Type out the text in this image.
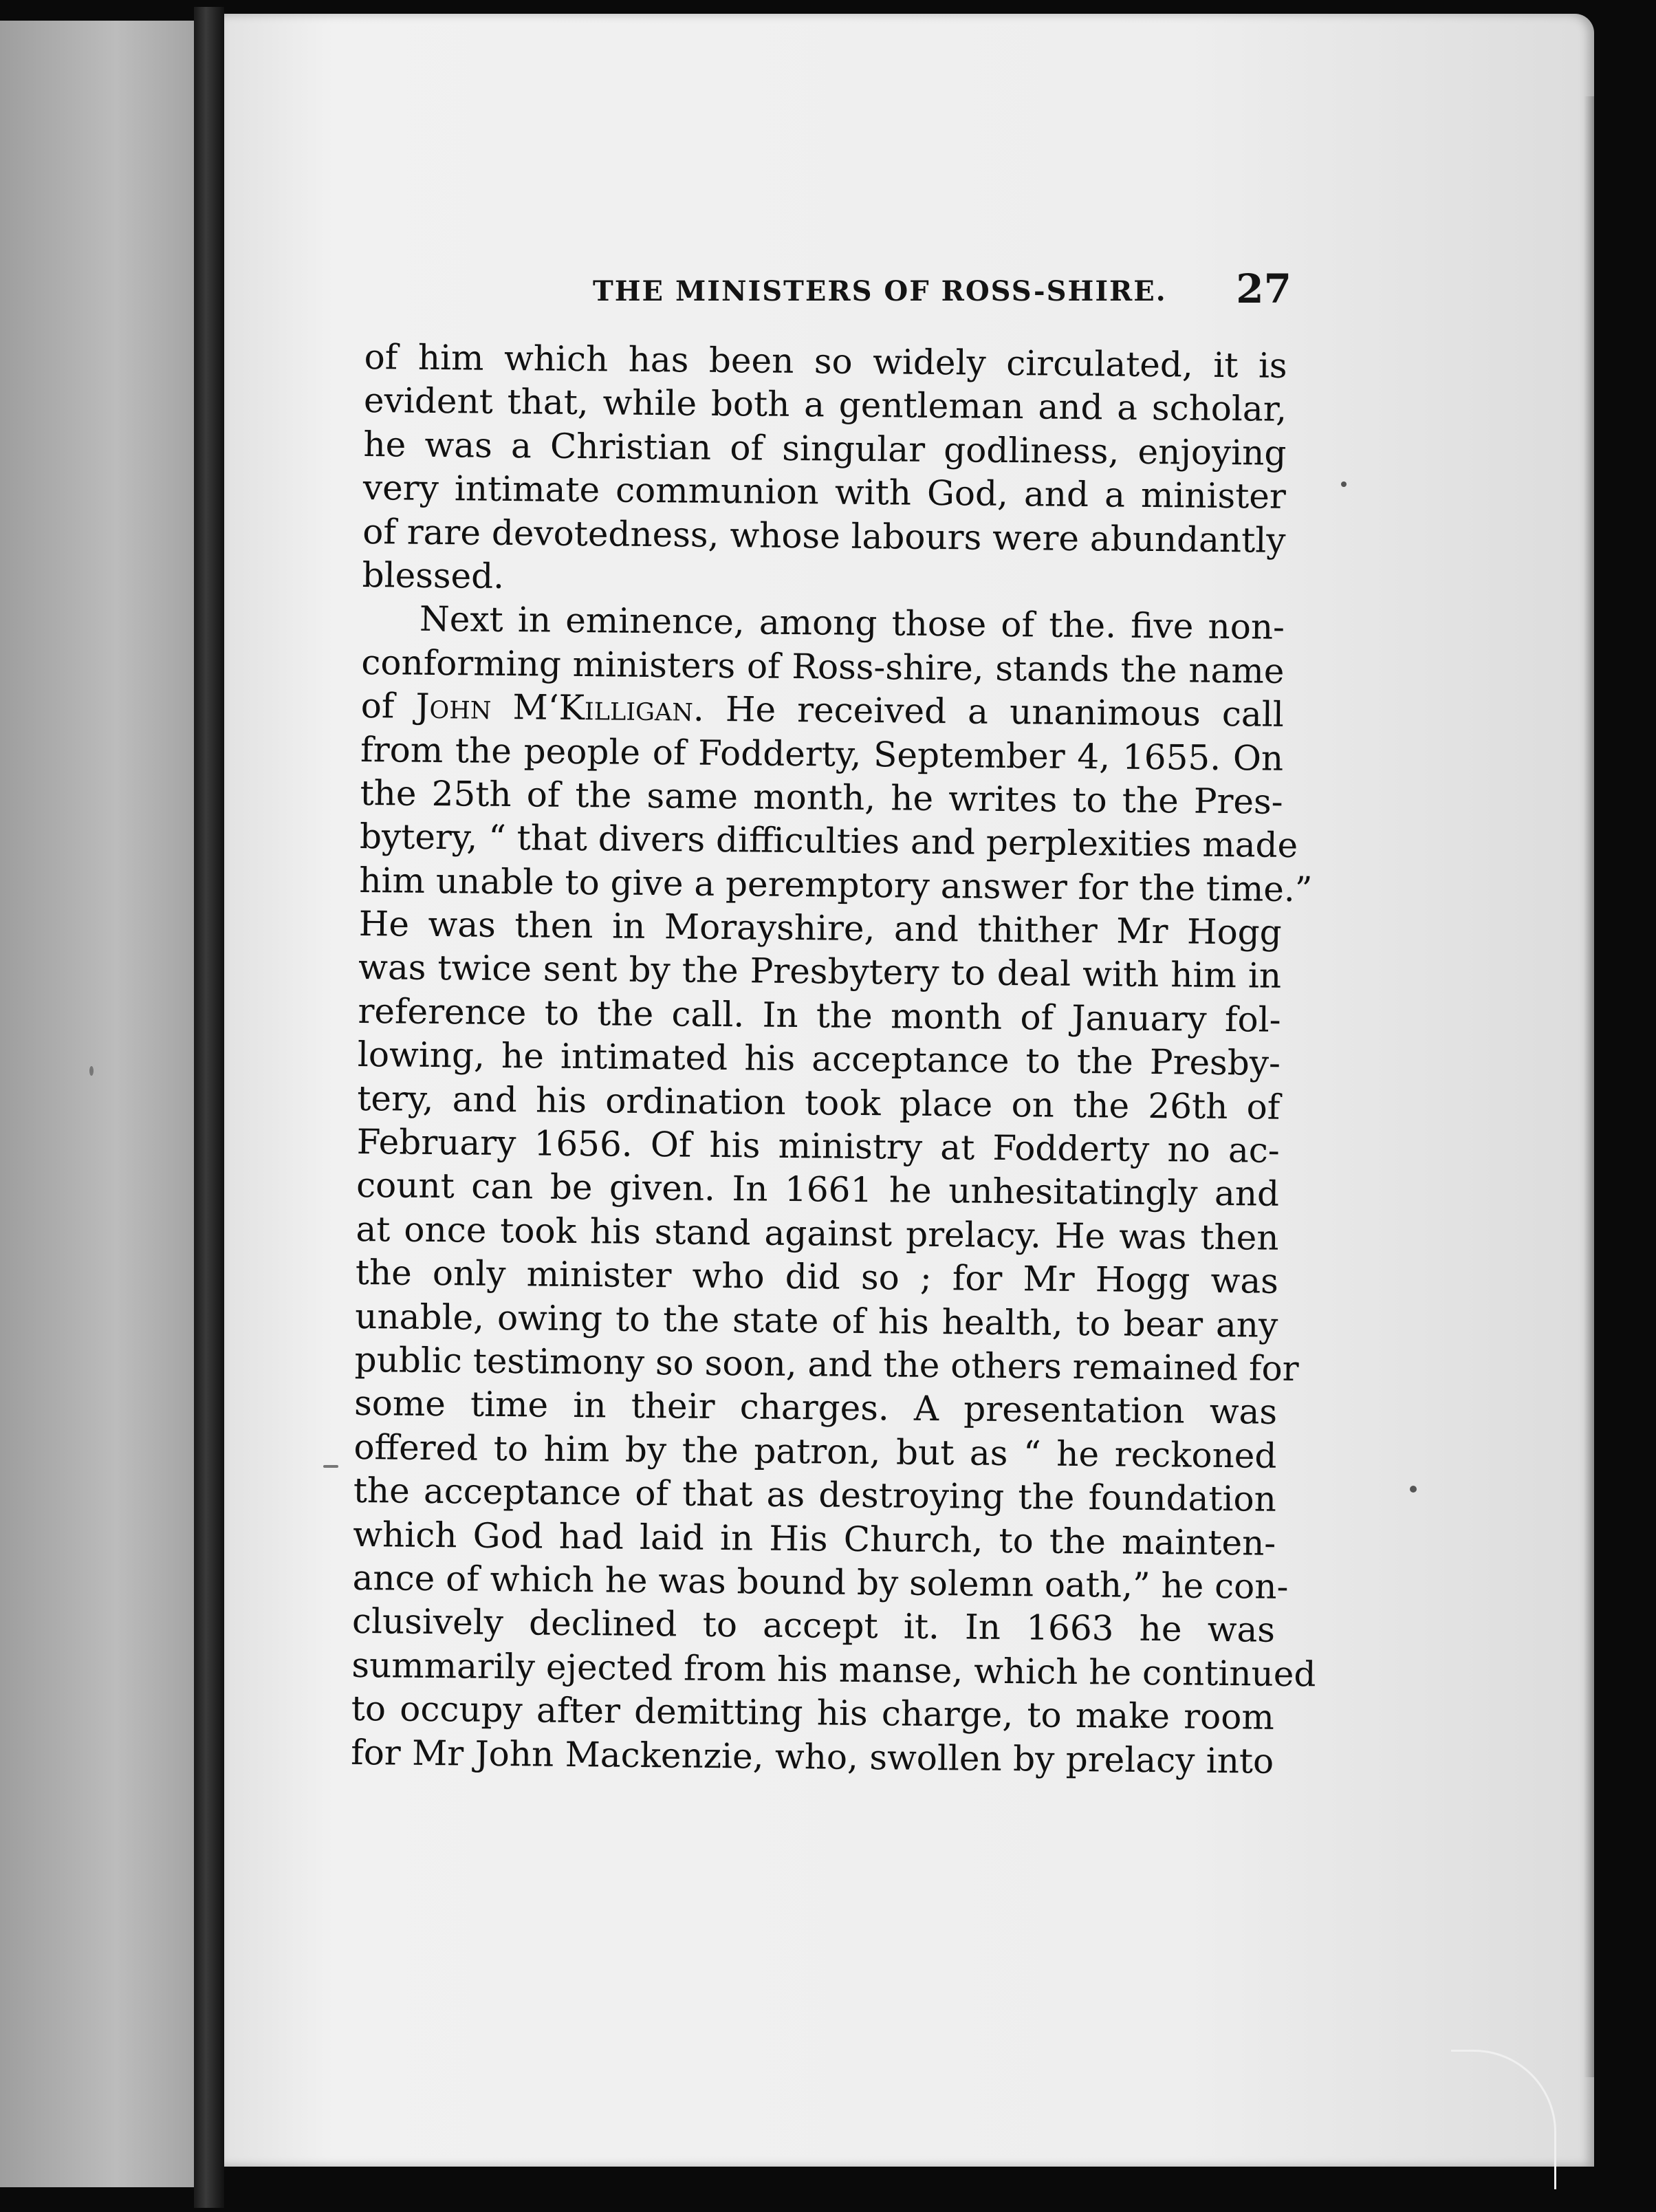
THE MINISTERS OF ROSS-SHIRE. 27
of him which has been so widely circulated, it is
evident that, while both a gentleman and a scholar,
he was a Christian of singular godliness, enjoying
very intimate communion with God, and a minister
of rare devotedness, whose labours were abundantly
blessed.
Next in eminence, among those of the. five non-
conforming ministers of Ross-shire, stands the name
of John M‘Killigan. He received a unanimous call
from the people of Fodderty, September 4, 1655. On
the 25th of the same month, he writes to the Pres-
bytery, “ that divers difficulties and perplexities made
him unable to give a peremptory answer for the time.”
He was then in Morayshire, and thither Mr Hogg
was twice sent by the Presbytery to deal with him in
reference to the call. In the month of January fol-
lowing, he intimated his acceptance to the Presby-
tery, and his ordination took place on the 26th of
February 1656. Of his ministry at Fodderty no ac-
count can be given. In 1661 he unhesitatingly and
at once took his stand against prelacy. He was then
the only minister who did so ; for Mr Hogg was
unable, owing to the state of his health, to bear any
public testimony so soon, and the others remained for
some time in their charges. A presentation was
offered to him by the patron, but as “ he reckoned
the acceptance of that as destroying the foundation
which God had laid in His Church, to the mainten-
ance of which he was bound by solemn oath,” he con-
clusively declined to accept it. In 1663 he was
summarily ejected from his manse, which he continued
to occupy after demitting his charge, to make room
for Mr John Mackenzie, who, swollen by prelacy into
